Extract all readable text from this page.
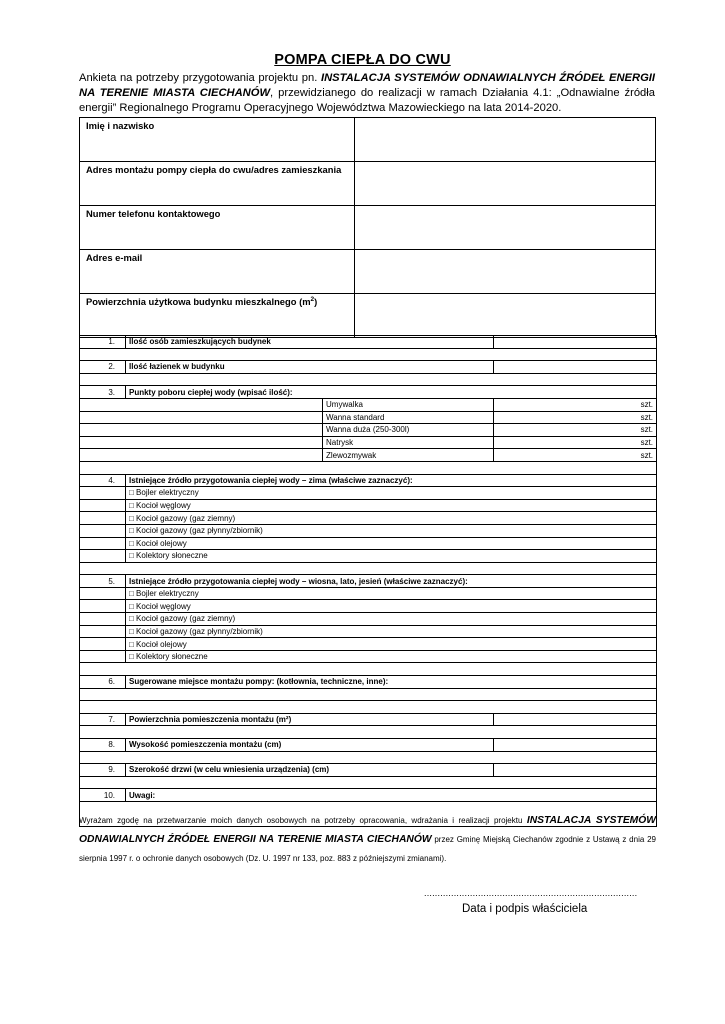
POMPA CIEPŁA DO CWU
Ankieta na potrzeby przygotowania projektu pn. INSTALACJA SYSTEMÓW ODNAWIALNYCH ŹRÓDEŁ ENERGII NA TERENIE MIASTA CIECHANÓW, przewidzianego do realizacji w ramach Działania 4.1: „Odnawialne źródła energii” Regionalnego Programu Operacyjnego Województwa Mazowieckiego na lata 2014-2020.
Imię i nazwisko	
Adres montażu pompy ciepła do cwu/adres zamieszkania	
Numer telefonu kontaktowego	
Adres e-mail	
Powierzchnia użytkowa budynku mieszkalnego $(m^2)$	
1.	Ilość osób zamieszkujących budynek		

2.	Ilość łazienek w budynku		

3.	Punkty poboru ciepłej wody (wpisać ilość):		
		Umywalka	szt.
		Wanna standard	szt.
		Wanna duża (250-300l)	szt.
		Natrysk	szt.
		Zlewozmywak	szt.

4.	Istniejące źródło przygotowania ciepłej wody – zima (właściwe zaznaczyć):		
	□ Bojler elektryczny		
	□ Kocioł węglowy		
	□ Kocioł gazowy (gaz ziemny)		
	□ Kocioł gazowy (gaz płynny/zbiornik)		
	□ Kocioł olejowy		
	□ Kolektory słoneczne		

5.	Istniejące źródło przygotowania ciepłej wody – wiosna, lato, jesień (właściwe zaznaczyć):		
	□ Bojler elektryczny		
	□ Kocioł węglowy		
	□ Kocioł gazowy (gaz ziemny)		
	□ Kocioł gazowy (gaz płynny/zbiornik)		
	□ Kocioł olejowy		
	□ Kolektory słoneczne		

6.	Sugerowane miejsce montażu pompy: (kotłownia, techniczne, inne):		

7.	Powierzchnia pomieszczenia montażu (m²)		

8.	Wysokość pomieszczenia montażu (cm)		

9.	Szerokość drzwi (w celu wniesienia urządzenia) (cm)		

10.	Uwagi:		

Wyrażam zgodę na przetwarzanie moich danych osobowych na potrzeby opracowania, wdrażania i realizacji projektu INSTALACJA SYSTEMÓW ODNAWIALNYCH ŹRÓDEŁ ENERGII NA TERENIE MIASTA CIECHANÓW przez Gminę Miejską Ciechanów zgodnie z Ustawą z dnia 29 sierpnia 1997 r. o ochronie danych osobowych (Dz. U. 1997 nr 133, poz. 883 z późniejszymi zmianami).
...............................................................................
Data i podpis właściciela
